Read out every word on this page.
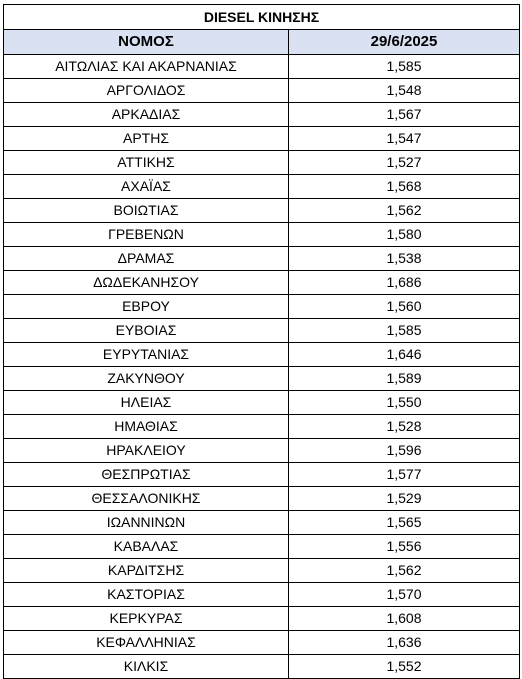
DIESEL ΚΙΝΗΣΗΣ	
ΝΟΜΟΣ	29/6/2025
ΑΙΤΩΛΙΑΣ ΚΑΙ ΑΚΑΡΝΑΝΙΑΣ	1,585
ΑΡΓΟΛΙΔΟΣ	1,548
ΑΡΚΑΔΙΑΣ	1,567
ΑΡΤΗΣ	1,547
ΑΤΤΙΚΗΣ	1,527
ΑΧΑΪΑΣ	1,568
ΒΟΙΩΤΙΑΣ	1,562
ΓΡΕΒΕΝΩΝ	1,580
ΔΡΑΜΑΣ	1,538
ΔΩΔΕΚΑΝΗΣΟΥ	1,686
ΕΒΡΟΥ	1,560
ΕΥΒΟΙΑΣ	1,585
ΕΥΡΥΤΑΝΙΑΣ	1,646
ΖΑΚΥΝΘΟΥ	1,589
ΗΛΕΙΑΣ	1,550
ΗΜΑΘΙΑΣ	1,528
ΗΡΑΚΛΕΙΟΥ	1,596
ΘΕΣΠΡΩΤΙΑΣ	1,577
ΘΕΣΣΑΛΟΝΙΚΗΣ	1,529
ΙΩΑΝΝΙΝΩΝ	1,565
ΚΑΒΑΛΑΣ	1,556
ΚΑΡΔΙΤΣΗΣ	1,562
ΚΑΣΤΟΡΙΑΣ	1,570
ΚΕΡΚΥΡΑΣ	1,608
ΚΕΦΑΛΛΗΝΙΑΣ	1,636
ΚΙΛΚΙΣ	1,552
